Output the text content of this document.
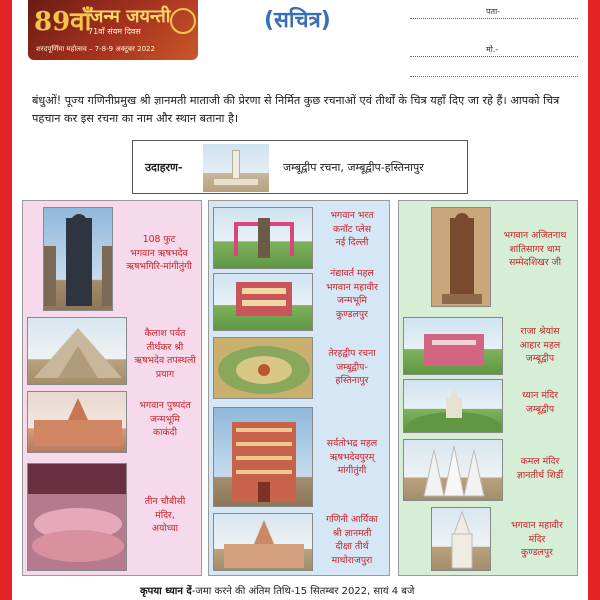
89वाँ
जन्म जयन्ती
71वाँ संयम दिवस
शरदपूर्णिमा महोत्सव – 7-8-9 अक्टूबर 2022
(सचित्र)	पता-
मो.-
बंधुओं! पूज्य गणिनीप्रमुख श्री ज्ञानमती माताजी की प्रेरणा से निर्मित कुछ रचनाओं एवं तीर्थों के चित्र यहाँ दिए जा रहे हैं। आपको चित्र पहचान कर इस रचना का नाम और स्थान बताना है।
उदाहरण-	जम्बूद्वीप रचना, जम्बूद्वीप-हस्तिनापुर
108 फुट
भगवान ऋषभदेव
ऋषभगिरि-मांगीतुंगी
कैलाश पर्वत
तीर्थंकर श्री
ऋषभदेव तपस्थली
प्रयाग
भगवान पुष्पदंत
जन्मभूमि
काकंदी
तीन चौबीसी
मंदिर,
अयोध्या
भगवान भरत
कनॉट प्लेस
नई दिल्ली
नंद्यावर्त महल
भगवान महावीर
जन्मभूमि
कुण्डलपुर
तेरहद्वीप रचना
जम्बूद्वीप-
हस्तिनापुर
सर्वतोभद्र महल
ऋषभदेवपुरम्
मांगीतुंगी
गणिनी आर्यिका
श्री ज्ञानमती
दीक्षा तीर्थ
माधोराजपुरा
भगवान अजितनाथ
शांतिसागर धाम
सम्मेदशिखर जी
राजा श्रेयांस
आहार महल
जम्बूद्वीप
ध्यान मंदिर
जम्बूद्वीप
कमल मंदिर
ज्ञानतीर्थ शिर्डी
भगवान महावीर
मंदिर
कुण्डलपुर
कृपया ध्यान दें-जमा करने की अंतिम तिथि-15 सितम्बर 2022, सायं 4 बजे
